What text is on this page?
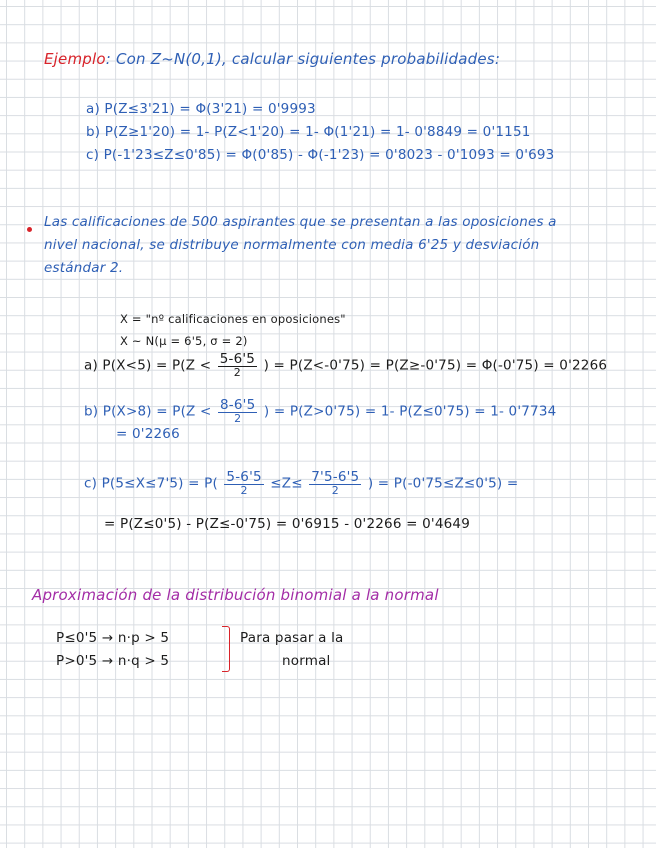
Ejemplo: Con Z~N(0,1), calcular siguientes probabilidades:
a) P(Z≤3'21) = Φ(3'21) = 0'9993
b) P(Z≥1'20) = 1- P(Z<1'20) = 1- Φ(1'21) = 1- 0'8849 = 0'1151
c) P(-1'23≤Z≤0'85) = Φ(0'85) - Φ(-1'23) = 0'8023 - 0'1093 = 0'693
Las calificaciones de 500 aspirantes que se presentan a las oposiciones a
nivel nacional, se distribuye normalmente con media 6'25 y desviación
estándar 2.
X = "nº calificaciones en oposiciones"
X ~ N(μ = 6'5, σ = 2)
a) $P(X<5) = P(Z < \frac{5-6'5}{2}$ ) = P(Z<-0'75) = P(Z≥-0'75) = Φ(-0'75) = 0'2266
b) $P(X>8) = P(Z < \frac{8-6'5}{2}$ ) = P(Z>0'75) = 1- P(Z≤0'75) = 1- 0'7734
= 0'2266
c) $P(5\le X\le 7'5) = P( \frac{5-6'5}{2} \le Z\le \frac{7'5-6'5}{2}$ ) = P(-0'75≤Z≤0'5) =
= P(Z≤0'5) - P(Z≤-0'75) = 0'6915 - 0'2266 = 0'4649
Aproximación de la distribución binomial a la normal
P≤0'5 → n·p > 5
P>0'5 → n·q > 5
Para pasar a la
normal
